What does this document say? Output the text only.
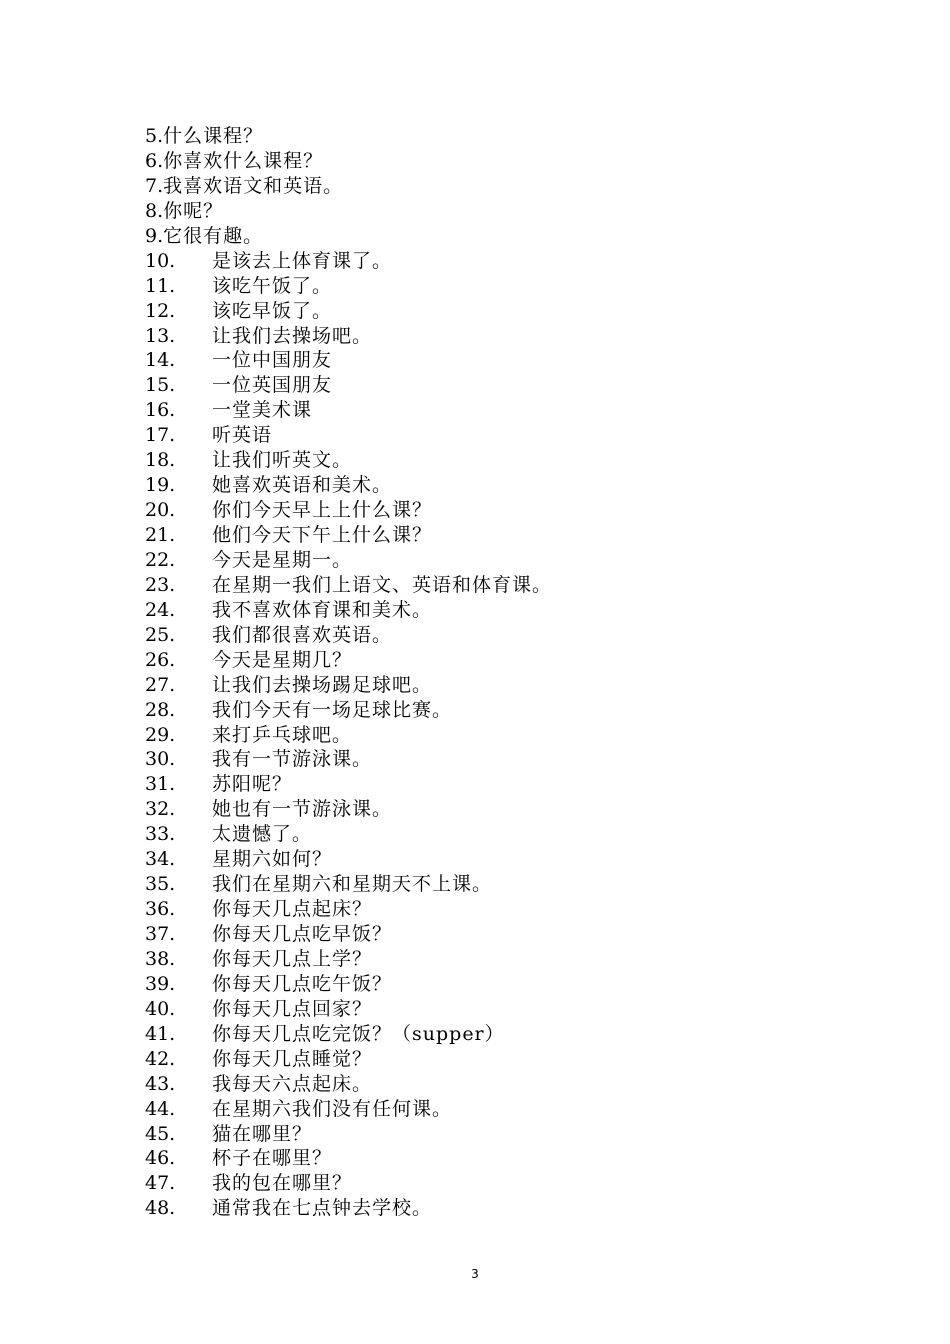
5.什么课程？
6.你喜欢什么课程？
7.我喜欢语文和英语。
8.你呢？
9.它很有趣。
10. 是该去上体育课了。
11. 该吃午饭了。
12. 该吃早饭了。
13. 让我们去操场吧。
14. 一位中国朋友
15. 一位英国朋友
16. 一堂美术课
17. 听英语
18. 让我们听英文。
19. 她喜欢英语和美术。
20. 你们今天早上上什么课？
21. 他们今天下午上什么课？
22. 今天是星期一。
23. 在星期一我们上语文、英语和体育课。
24. 我不喜欢体育课和美术。
25. 我们都很喜欢英语。
26. 今天是星期几？
27. 让我们去操场踢足球吧。
28. 我们今天有一场足球比赛。
29. 来打乒乓球吧。
30. 我有一节游泳课。
31. 苏阳呢？
32. 她也有一节游泳课。
33. 太遗憾了。
34. 星期六如何？
35. 我们在星期六和星期天不上课。
36. 你每天几点起床？
37. 你每天几点吃早饭？
38. 你每天几点上学？
39. 你每天几点吃午饭？
40. 你每天几点回家？
41. 你每天几点吃完饭？（supper）
42. 你每天几点睡觉？
43. 我每天六点起床。
44. 在星期六我们没有任何课。
45. 猫在哪里？
46. 杯子在哪里？
47. 我的包在哪里？
48. 通常我在七点钟去学校。
3
